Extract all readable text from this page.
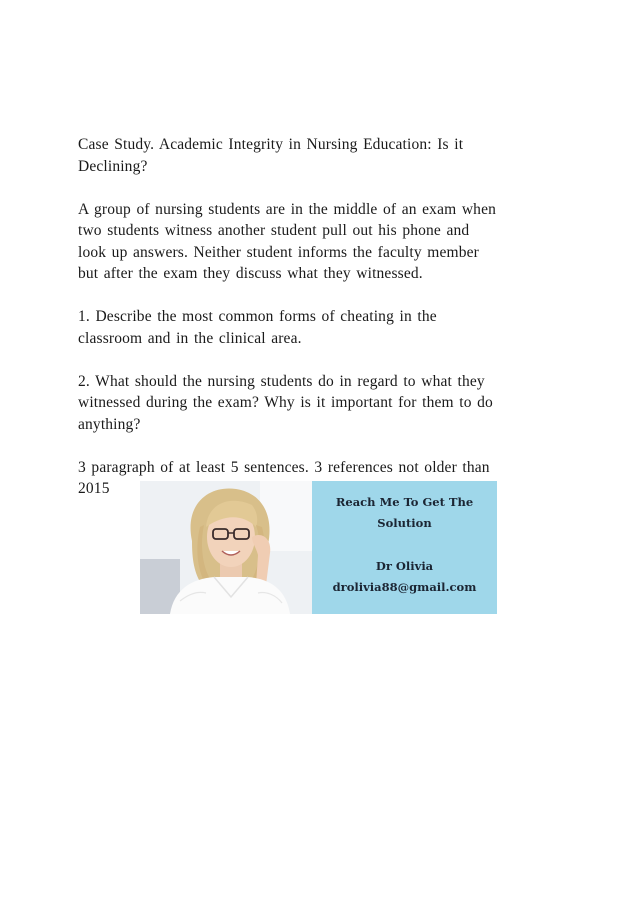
Case Study. Academic Integrity in Nursing Education: Is it
Declining?

A group of nursing students are in the middle of an exam when
two students witness another student pull out his phone and
look up answers. Neither student informs the faculty member
but after the exam they discuss what they witnessed.

1. Describe the most common forms of cheating in the
classroom and in the clinical area.

2. What should the nursing students do in regard to what they
witnessed during the exam? Why is it important for them to do
anything?

3 paragraph of at least 5 sentences. 3 references not older than
2015

Reach Me To Get The
Solution
Dr Olivia
drolivia88@gmail.com
